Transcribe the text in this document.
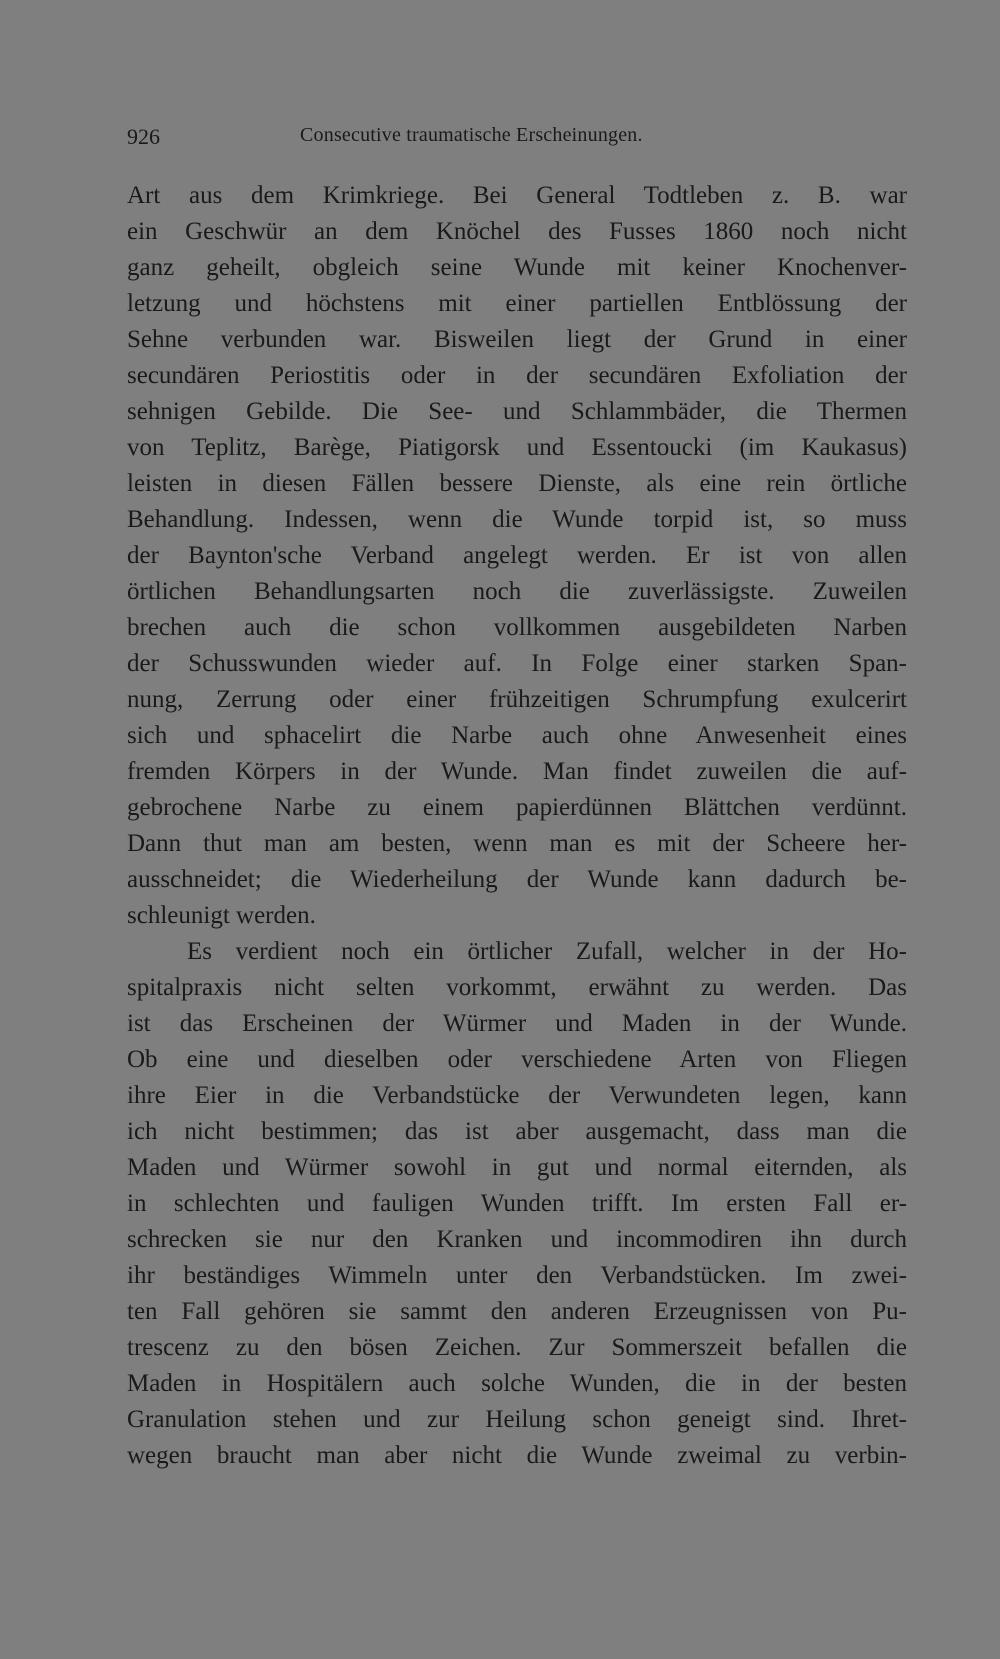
926	Consecutive traumatische Erscheinungen.
Art aus dem Krimkriege. Bei General Todtleben z. B. war
ein Geschwür an dem Knöchel des Fusses 1860 noch nicht
ganz geheilt, obgleich seine Wunde mit keiner Knochenver-
letzung und höchstens mit einer partiellen Entblössung der
Sehne verbunden war. Bisweilen liegt der Grund in einer
secundären Periostitis oder in der secundären Exfoliation der
sehnigen Gebilde. Die See- und Schlammbäder, die Thermen
von Teplitz, Barège, Piatigorsk und Essentoucki (im Kaukasus)
leisten in diesen Fällen bessere Dienste, als eine rein örtliche
Behandlung. Indessen, wenn die Wunde torpid ist, so muss
der Baynton'sche Verband angelegt werden. Er ist von allen
örtlichen Behandlungsarten noch die zuverlässigste. Zuweilen
brechen auch die schon vollkommen ausgebildeten Narben
der Schusswunden wieder auf. In Folge einer starken Span-
nung, Zerrung oder einer frühzeitigen Schrumpfung exulcerirt
sich und sphacelirt die Narbe auch ohne Anwesenheit eines
fremden Körpers in der Wunde. Man findet zuweilen die auf-
gebrochene Narbe zu einem papierdünnen Blättchen verdünnt.
Dann thut man am besten, wenn man es mit der Scheere her-
ausschneidet; die Wiederheilung der Wunde kann dadurch be-
schleunigt werden.
Es verdient noch ein örtlicher Zufall, welcher in der Ho-
spitalpraxis nicht selten vorkommt, erwähnt zu werden. Das
ist das Erscheinen der Würmer und Maden in der Wunde.
Ob eine und dieselben oder verschiedene Arten von Fliegen
ihre Eier in die Verbandstücke der Verwundeten legen, kann
ich nicht bestimmen; das ist aber ausgemacht, dass man die
Maden und Würmer sowohl in gut und normal eiternden, als
in schlechten und fauligen Wunden trifft. Im ersten Fall er-
schrecken sie nur den Kranken und incommodiren ihn durch
ihr beständiges Wimmeln unter den Verbandstücken. Im zwei-
ten Fall gehören sie sammt den anderen Erzeugnissen von Pu-
trescenz zu den bösen Zeichen. Zur Sommerszeit befallen die
Maden in Hospitälern auch solche Wunden, die in der besten
Granulation stehen und zur Heilung schon geneigt sind. Ihret-
wegen braucht man aber nicht die Wunde zweimal zu verbin-
